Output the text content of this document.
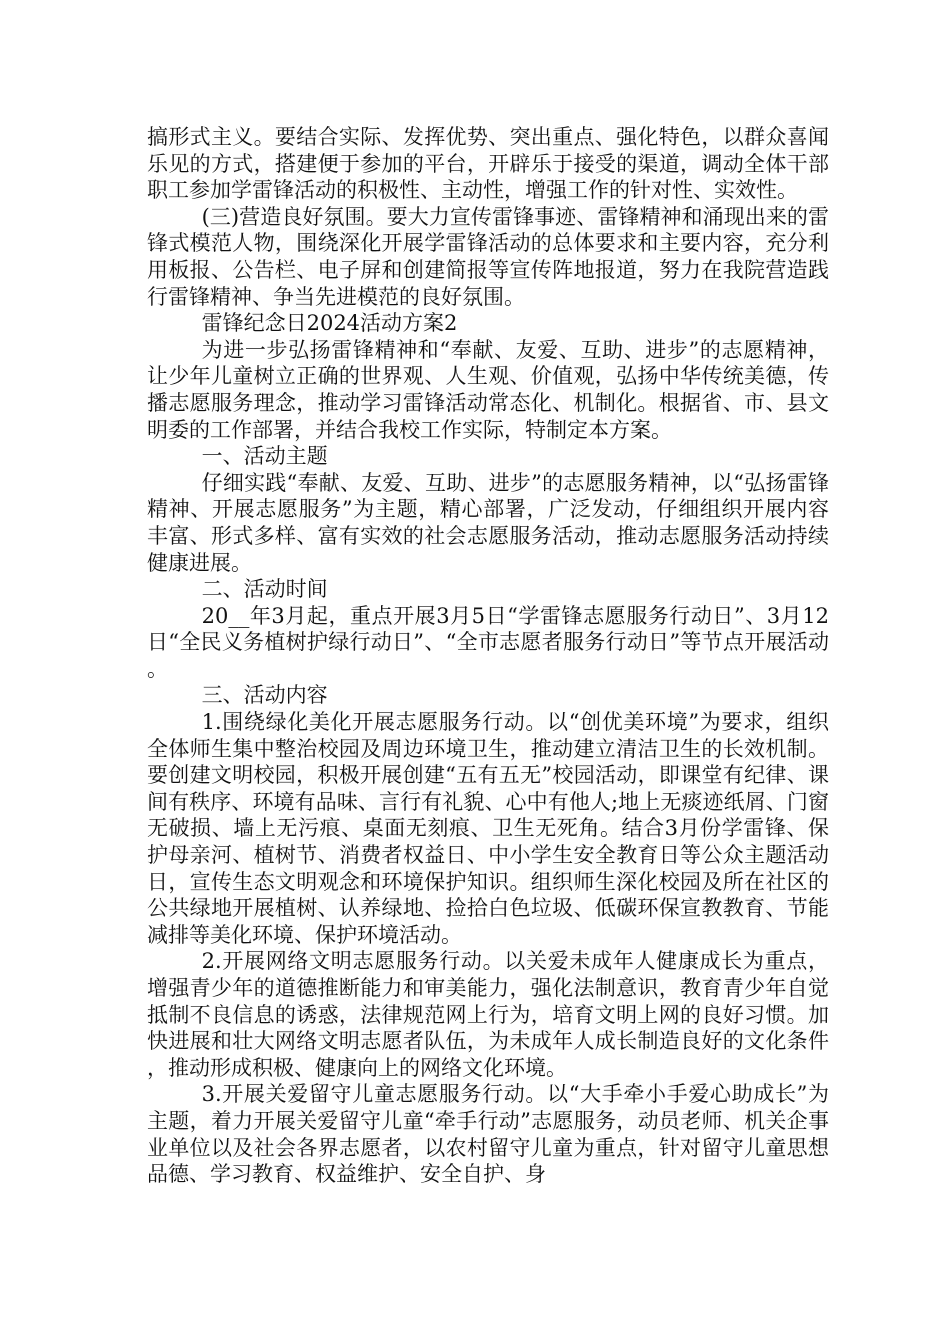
搞形式主义。要结合实际、发挥优势、突出重点、强化特色，以群众喜闻乐见的方式，搭建便于参加的平台，开辟乐于接受的渠道，调动全体干部职工参加学雷锋活动的积极性、主动性，增强工作的针对性、实效性。

(三)营造良好氛围。要大力宣传雷锋事迹、雷锋精神和涌现出来的雷锋式模范人物，围绕深化开展学雷锋活动的总体要求和主要内容，充分利用板报、公告栏、电子屏和创建简报等宣传阵地报道，努力在我院营造践行雷锋精神、争当先进模范的良好氛围。

雷锋纪念日2024活动方案2

为进一步弘扬雷锋精神和“奉献、友爱、互助、进步”的志愿精神，让少年儿童树立正确的世界观、人生观、价值观，弘扬中华传统美德，传播志愿服务理念，推动学习雷锋活动常态化、机制化。根据省、市、县文明委的工作部署，并结合我校工作实际，特制定本方案。

一、活动主题

仔细实践“奉献、友爱、互助、进步”的志愿服务精神，以“弘扬雷锋精神、开展志愿服务”为主题，精心部署，广泛发动，仔细组织开展内容丰富、形式多样、富有实效的社会志愿服务活动，推动志愿服务活动持续健康进展。

二、活动时间

20__年3月起，重点开展3月5日“学雷锋志愿服务行动日”、3月12日“全民义务植树护绿行动日”、“全市志愿者服务行动日”等节点开展活动。

三、活动内容

1.围绕绿化美化开展志愿服务行动。以“创优美环境”为要求，组织全体师生集中整治校园及周边环境卫生，推动建立清洁卫生的长效机制。要创建文明校园，积极开展创建“五有五无”校园活动，即课堂有纪律、课间有秩序、环境有品味、言行有礼貌、心中有他人;地上无痰迹纸屑、门窗无破损、墙上无污痕、桌面无刻痕、卫生无死角。结合3月份学雷锋、保护母亲河、植树节、消费者权益日、中小学生安全教育日等公众主题活动日，宣传生态文明观念和环境保护知识。组织师生深化校园及所在社区的公共绿地开展植树、认养绿地、捡拾白色垃圾、低碳环保宣教教育、节能减排等美化环境、保护环境活动。

2.开展网络文明志愿服务行动。以关爱未成年人健康成长为重点，增强青少年的道德推断能力和审美能力，强化法制意识，教育青少年自觉抵制不良信息的诱惑，法律规范网上行为，培育文明上网的良好习惯。加快进展和壮大网络文明志愿者队伍，为未成年人成长制造良好的文化条件，推动形成积极、健康向上的网络文化环境。

3.开展关爱留守儿童志愿服务行动。以“大手牵小手爱心助成长”为主题，着力开展关爱留守儿童“牵手行动”志愿服务，动员老师、机关企事业单位以及社会各界志愿者，以农村留守儿童为重点，针对留守儿童思想品德、学习教育、权益维护、安全自护、身
